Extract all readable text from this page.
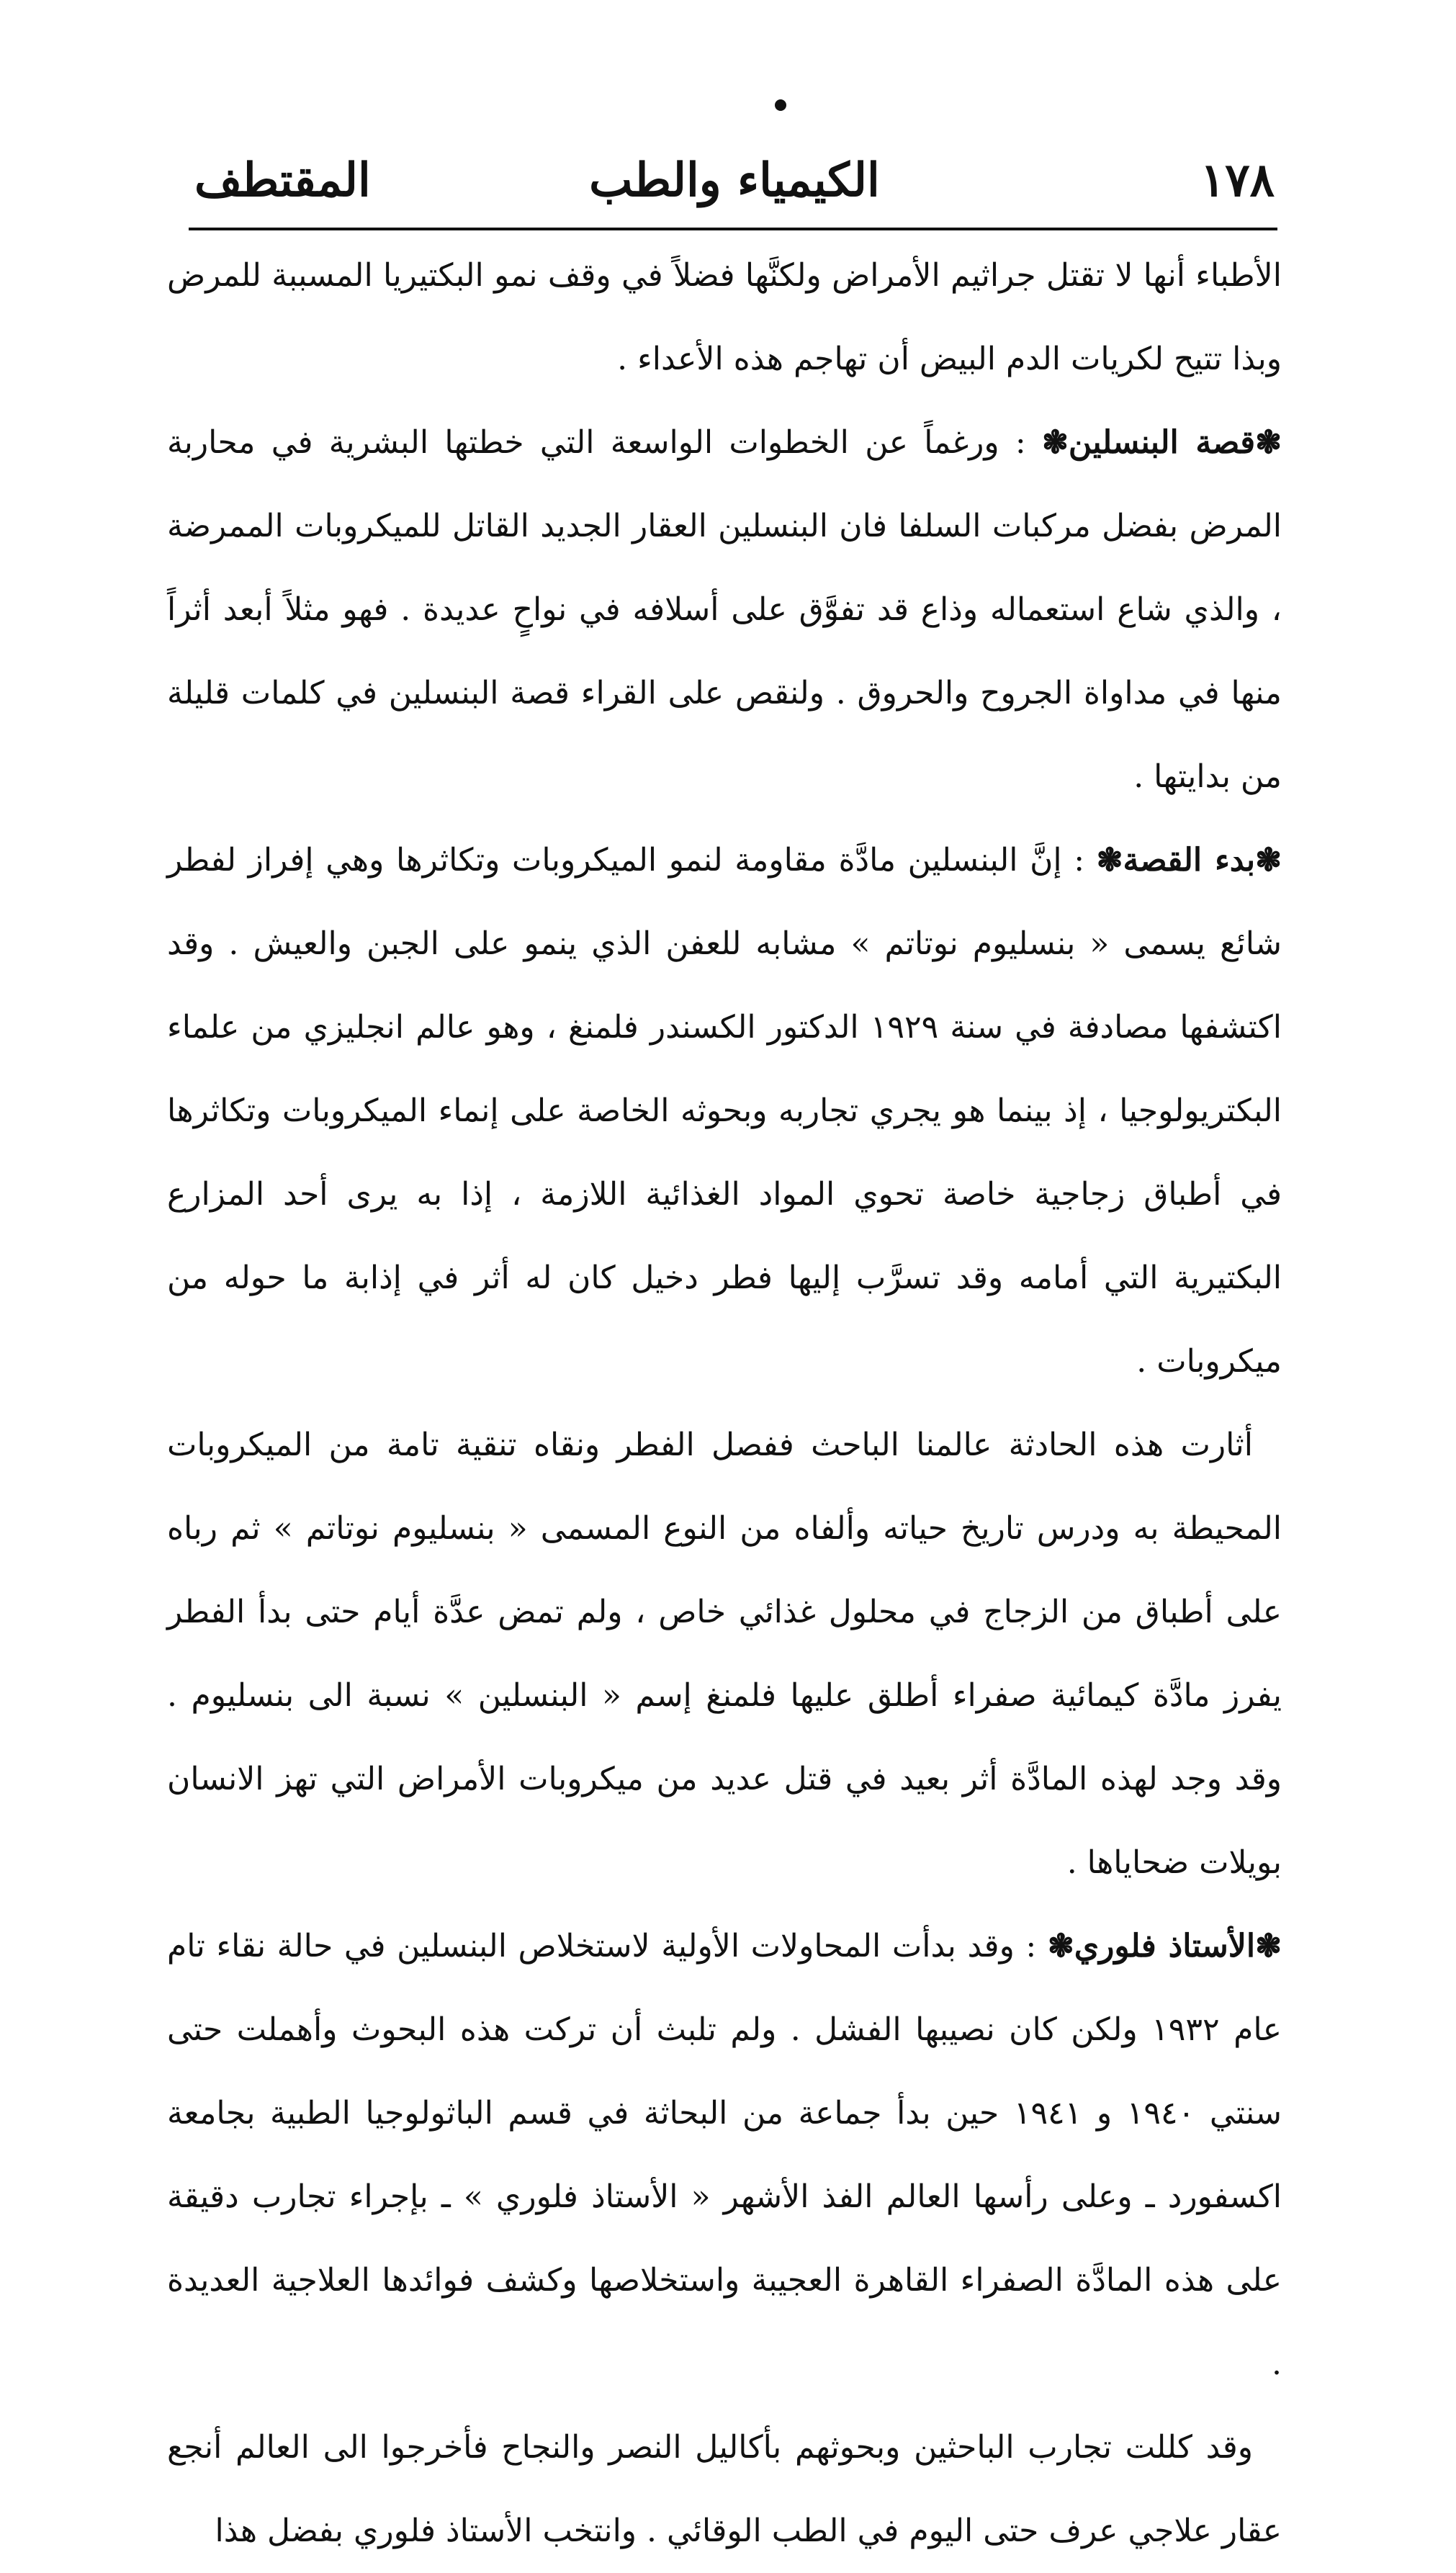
١٧٨
الكيمياء والطب
المقتطف

الأطباء أنها لا تقتل جراثيم الأمراض ولكنَّها فضلاً في وقف نمو البكتيريا المسببة للمرض وبذا تتيح لكريات الدم البيض أن تهاجم هذه الأعداء .

❃قصة البنسلين❃ : ورغماً عن الخطوات الواسعة التي خطتها البشرية في محاربة المرض بفضل مركبات السلفا فان البنسلين العقار الجديد القاتل للميكروبات الممرضة ، والذي شاع استعماله وذاع قد تفوَّق على أسلافه في نواحٍ عديدة . فهو مثلاً أبعد أثراً منها في مداواة الجروح والحروق . ولنقص على القراء قصة البنسلين في كلمات قليلة من بدايتها .

❃بدء القصة❃ : إنَّ البنسلين مادَّة مقاومة لنمو الميكروبات وتكاثرها وهي إفراز لفطر شائع يسمى « بنسليوم نوتاتم » مشابه للعفن الذي ينمو على الجبن والعيش . وقد اكتشفها مصادفة في سنة ١٩٢٩ الدكتور الكسندر فلمنغ ، وهو عالم انجليزي من علماء البكتريولوجيا ، إذ بينما هو يجري تجاربه وبحوثه الخاصة على إنماء الميكروبات وتكاثرها في أطباق زجاجية خاصة تحوي المواد الغذائية اللازمة ، إذا به يرى أحد المزارع البكتيرية التي أمامه وقد تسرَّب إليها فطر دخيل كان له أثر في إذابة ما حوله من ميكروبات .

أثارت هذه الحادثة عالمنا الباحث ففصل الفطر ونقاه تنقية تامة من الميكروبات المحيطة به ودرس تاريخ حياته وألفاه من النوع المسمى « بنسليوم نوتاتم » ثم رباه على أطباق من الزجاج في محلول غذائي خاص ، ولم تمض عدَّة أيام حتى بدأ الفطر يفرز مادَّة كيمائية صفراء أطلق عليها فلمنغ إسم « البنسلين » نسبة الى بنسليوم . وقد وجد لهذه المادَّة أثر بعيد في قتل عديد من ميكروبات الأمراض التي تهز الانسان بويلات ضحاياها .

❃الأستاذ فلوري❃ : وقد بدأت المحاولات الأولية لاستخلاص البنسلين في حالة نقاء تام عام ١٩٣٢ ولكن كان نصيبها الفشل . ولم تلبث أن تركت هذه البحوث وأهملت حتى سنتي ١٩٤٠ و ١٩٤١ حين بدأ جماعة من البحاثة في قسم الباثولوجيا الطبية بجامعة اكسفورد ـ وعلى رأسها العالم الفذ الأشهر « الأستاذ فلوري » ـ بإجراء تجارب دقيقة على هذه المادَّة الصفراء القاهرة العجيبة واستخلاصها وكشف فوائدها العلاجية العديدة .

وقد كللت تجارب الباحثين وبحوثهم بأكاليل النصر والنجاح فأخرجوا الى العالم أنجع عقار علاجي عرف حتى اليوم في الطب الوقائي . وانتخب الأستاذ فلوري بفضل هذا
